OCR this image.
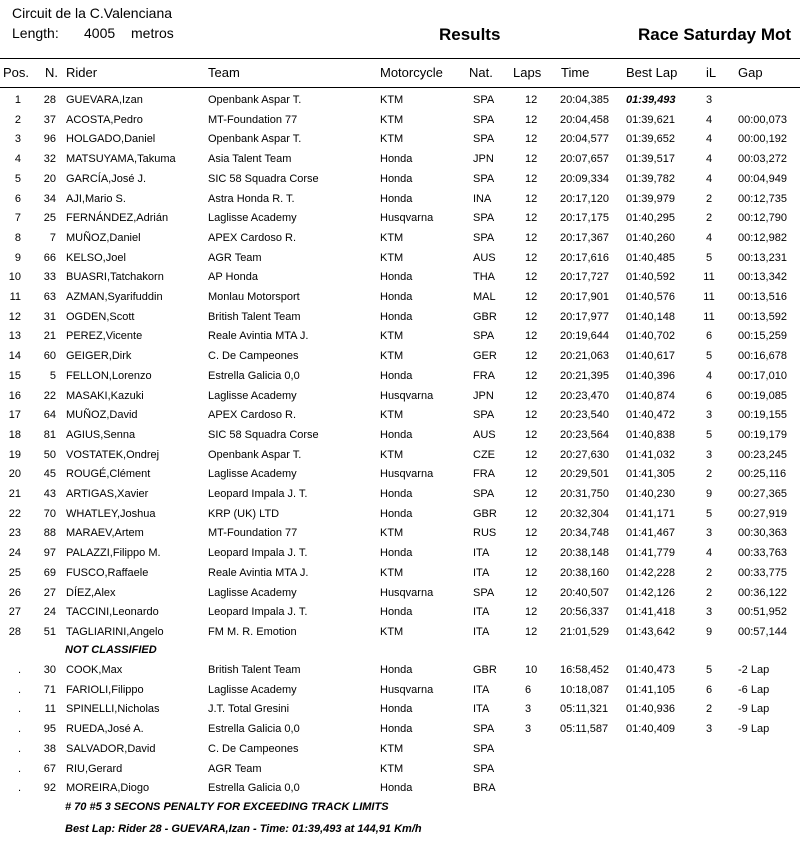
Circuit de la C.Valenciana
Length: 4005 metros	Results	Race Saturday Mot
Pos. N. Rider	Team	Motorcycle Nat. Laps Time	Best Lap iL Gap
1	28 GUEVARA,Izan	Openbank Aspar T.	KTM	SPA	12 20:04,385 01:39,493	3
2	37 ACOSTA,Pedro	MT-Foundation 77	KTM	SPA	12 20:04,458 01:39,621	4	00:00,073
3	96 HOLGADO,Daniel	Openbank Aspar T.	KTM	SPA	12 20:04,577 01:39,652	4	00:00,192
4	32 MATSUYAMA,Takuma	Asia Talent Team	Honda	JPN	12 20:07,657 01:39,517	4	00:03,272
5	20 GARCÍA,José J.	SIC 58 Squadra Corse	Honda	SPA	12 20:09,334 01:39,782	4	00:04,949
6	34 AJI,Mario S.	Astra Honda R. T.	Honda	INA	12 20:17,120 01:39,979	2	00:12,735
7	25 FERNÁNDEZ,Adrián	Laglisse Academy	Husqvarna	SPA	12 20:17,175 01:40,295	2	00:12,790
8	7 MUÑOZ,Daniel	APEX Cardoso R.	KTM	SPA	12 20:17,367 01:40,260	4	00:12,982
9	66 KELSO,Joel	AGR Team	KTM	AUS	12 20:17,616 01:40,485	5	00:13,231
10	33 BUASRI,Tatchakorn	AP Honda	Honda	THA	12 20:17,727 01:40,592	11	00:13,342
11	63 AZMAN,Syarifuddin	Monlau Motorsport	Honda	MAL	12 20:17,901 01:40,576	11	00:13,516
12	31 OGDEN,Scott	British Talent Team	Honda	GBR	12 20:17,977 01:40,148	11	00:13,592
13	21 PEREZ,Vicente	Reale Avintia MTA J.	KTM	SPA	12 20:19,644 01:40,702	6	00:15,259
14	60 GEIGER,Dirk	C. De Campeones	KTM	GER	12 20:21,063 01:40,617	5	00:16,678
15	5 FELLON,Lorenzo	Estrella Galicia 0,0	Honda	FRA	12 20:21,395 01:40,396	4	00:17,010
16	22 MASAKI,Kazuki	Laglisse Academy	Husqvarna	JPN	12 20:23,470 01:40,874	6	00:19,085
17	64 MUÑOZ,David	APEX Cardoso R.	KTM	SPA	12 20:23,540 01:40,472	3	00:19,155
18	81 AGIUS,Senna	SIC 58 Squadra Corse	Honda	AUS	12 20:23,564 01:40,838	5	00:19,179
19	50 VOSTATEK,Ondrej	Openbank Aspar T.	KTM	CZE	12 20:27,630 01:41,032	3	00:23,245
20	45 ROUGÉ,Clément	Laglisse Academy	Husqvarna	FRA	12 20:29,501 01:41,305	2	00:25,116
21	43 ARTIGAS,Xavier	Leopard Impala J. T.	Honda	SPA	12 20:31,750 01:40,230	9	00:27,365
22	70 WHATLEY,Joshua	KRP (UK) LTD	Honda	GBR	12 20:32,304 01:41,171	5	00:27,919
23	88 MARAEV,Artem	MT-Foundation 77	KTM	RUS	12 20:34,748 01:41,467	3	00:30,363
24	97 PALAZZI,Filippo M.	Leopard Impala J. T.	Honda	ITA	12 20:38,148 01:41,779	4	00:33,763
25	69 FUSCO,Raffaele	Reale Avintia MTA J.	KTM	ITA	12 20:38,160 01:42,228	2	00:33,775
26	27 DÍEZ,Alex	Laglisse Academy	Husqvarna	SPA	12 20:40,507 01:42,126	2	00:36,122
27	24 TACCINI,Leonardo	Leopard Impala J. T.	Honda	ITA	12 20:56,337 01:41,418	3	00:51,952
28	51 TAGLIARINI,Angelo	FM M. R. Emotion	KTM	ITA	12 21:01,529 01:43,642	9	00:57,144
.	30 COOK,Max	British Talent Team	Honda	GBR	10 16:58,452 01:40,473	5	-2 Lap
.	71 FARIOLI,Filippo	Laglisse Academy	Husqvarna	ITA	6	10:18,087 01:41,105	6	-6 Lap
.	11 SPINELLI,Nicholas	J.T. Total Gresini	Honda	ITA	3	05:11,321 01:40,936	2	-9 Lap
.	95 RUEDA,José A.	Estrella Galicia 0,0	Honda	SPA	3	05:11,587 01:40,409	3	-9 Lap
.	38 SALVADOR,David	C. De Campeones	KTM	SPA
.	67 RIU,Gerard	AGR Team	KTM	SPA
.	92 MOREIRA,Diogo	Estrella Galicia 0,0	Honda	BRA
NOT CLASSIFIED
# 70 #5 3 SECONS PENALTY FOR EXCEEDING TRACK LIMITS
Best Lap: Rider 28 - GUEVARA,Izan - Time: 01:39,493 at 144,91 Km/h
